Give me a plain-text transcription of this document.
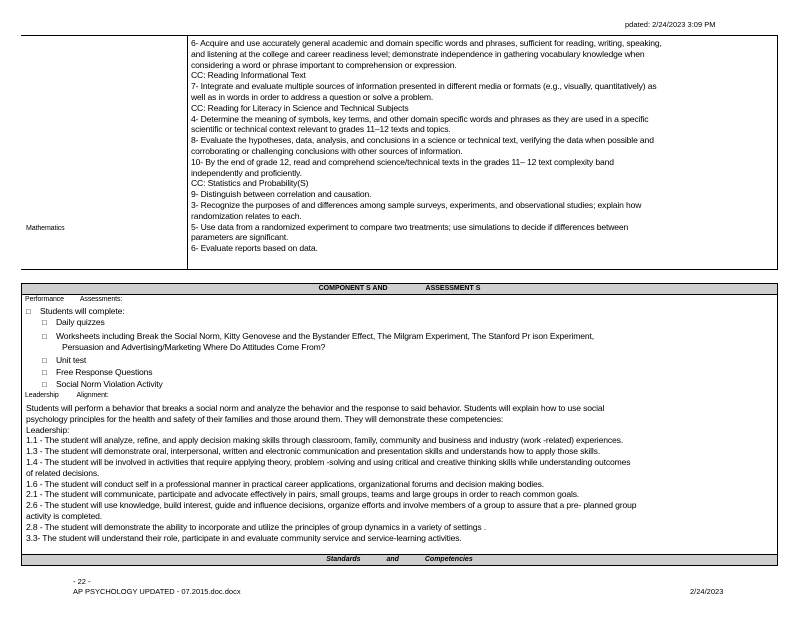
pdated: 2/24/2023 3:09 PM
Mathematics
6- Acquire and use accurately general academic and domain specific words and phrases, sufficient for reading, writing, speaking,
and listening at the college and career readiness level; demonstrate independence in gathering vocabulary knowledge when
considering a word or phrase important to comprehension or expression.
CC: Reading Informational Text
7- Integrate and evaluate multiple sources of information presented in different media or formats (e.g., visually, quantitatively) as
well as in words in order to address a question or solve a problem.
CC: Reading for Literacy in Science and Technical Subjects
4- Determine the meaning of symbols, key terms, and other domain specific words and phrases as they are used in a specific
scientific or technical context relevant to grades 11–12 texts and topics.
8- Evaluate the hypotheses, data, analysis, and conclusions in a science or technical text, verifying the data when possible and
corroborating or challenging conclusions with other sources of information.
10- By the end of grade 12, read and comprehend science/technical texts in the grades 11– 12 text complexity band
independently and proficiently.
CC: Statistics and Probability(S)
9- Distinguish between correlation and causation.
3- Recognize the purposes of and differences among sample surveys, experiments, and observational studies; explain how
randomization relates to each.
5- Use data from a randomized experiment to compare two treatments; use simulations to decide if differences between
parameters are significant.
6- Evaluate reports based on data.
COMPONENT S AND	ASSESSMENT S
Performance Assessments:
□ Students will complete:
□ Daily quizzes
□ Worksheets including Break the Social Norm, Kitty Genovese and the Bystander Effect, The Milgram Experiment, The Stanford Pr ison Experiment,
Persuasion and Advertising/Marketing Where Do Attitudes Come From?
□ Unit test
□ Free Response Questions
□ Social Norm Violation Activity
Leadership	Alignment:
Students will perform a behavior that breaks a social norm and analyze the behavior and the response to said behavior. Students will explain how to use social
psychology principles for the health and safety of their families and those around them. They will demonstrate these competencies:
Leadership:
1.1 - The student will analyze, refine, and apply decision making skills through classroom, family, community and business and industry (work -related) experiences.
1.3 - The student will demonstrate oral, interpersonal, written and electronic communication and presentation skills and understands how to apply those skills.
1.4 - The student will be involved in activities that require applying theory, problem -solving and using critical and creative thinking skills while understanding outcomes
of related decisions.
1.6 - The student will conduct self in a professional manner in practical career applications, organizational forums and decision making bodies.
2.1 - The student will communicate, participate and advocate effectively in pairs, small groups, teams and large groups in order to reach common goals.
2.6 - The student will use knowledge, build interest, guide and influence decisions, organize efforts and involve members of a group to assure that a pre- planned group
activity is completed.
2.8 - The student will demonstrate the ability to incorporate and utilize the principles of group dynamics in a variety of settings .
3.3- The student will understand their role, participate in and evaluate community service and service-learning activities.
Standards	and	Competencies
- 22 -
AP PSYCHOLOGY UPDATED - 07.2015.doc.docx	2/24/2023
